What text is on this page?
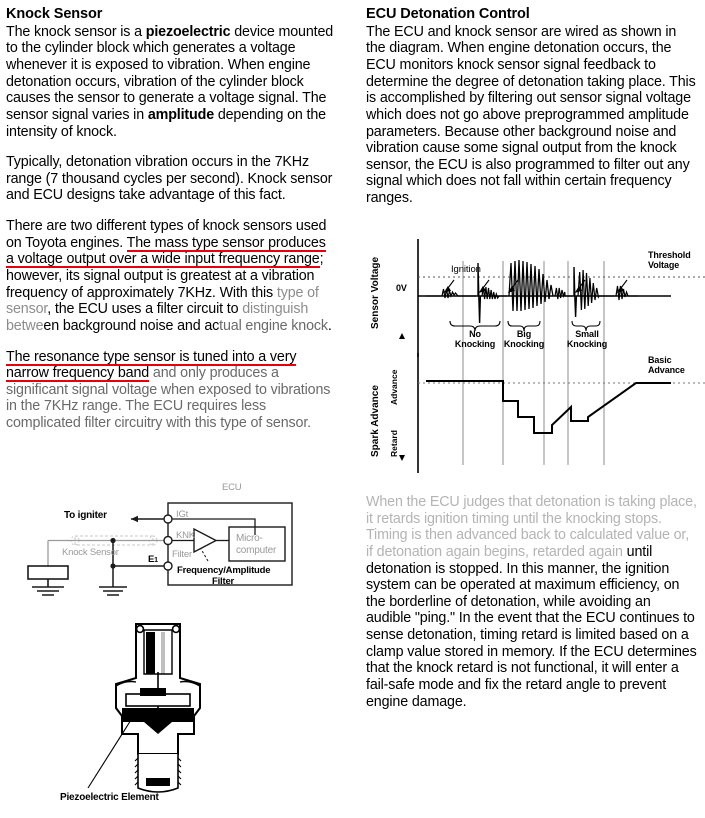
Knock Sensor

The knock sensor is a piezoelectric device mounted to the cylinder block which generates a voltage whenever it is exposed to vibration. When engine detonation occurs, vibration of the cylinder block causes the sensor to generate a voltage signal. The sensor signal varies in amplitude depending on the intensity of knock.

Typically, detonation vibration occurs in the 7KHz range (7 thousand cycles per second). Knock sensor and ECU designs take advantage of this fact.

There are two different types of knock sensors used on Toyota engines. The mass type sensor produces a voltage output over a wide input frequency range; however, its signal output is greatest at a vibration frequency of approximately 7KHz. With this type of sensor, the ECU uses a filter circuit to distinguish between background noise and actual engine knock.

The resonance type sensor is tuned into a very narrow frequency band and only produces a significant signal voltage when exposed to vibrations in the 7KHz range. The ECU requires less complicated filter circuitry with this type of sensor.

ECU
To igniter	IGt
KNK
E1
Knock Sensor
Micro-
computer
Filter
Frequency/Amplitude
Filter
Piezoelectric Element
ECU Detonation Control

The ECU and knock sensor are wired as shown in the diagram. When engine detonation occurs, the ECU monitors knock sensor signal feedback to determine the degree of detonation taking place. This is accomplished by filtering out sensor signal voltage which does not go above preprogrammed amplitude parameters. Because other background noise and vibration cause some signal output from the knock sensor, the ECU is also programmed to filter out any signal which does not fall within certain frequency ranges.

Sensor Voltage
Spark Advance Advance
Retard
0V
Ignition
Threshold
Voltage
Basic
Advance
No
Knocking
Big
Knocking
Small
Knocking

When the ECU judges that detonation is taking place, it retards ignition timing until the knocking stops. Timing is then advanced back to calculated value or, if detonation again begins, retarded again until detonation is stopped. In this manner, the ignition system can be operated at maximum efficiency, on the borderline of detonation, while avoiding an audible "ping." In the event that the ECU continues to sense detonation, timing retard is limited based on a clamp value stored in memory. If the ECU determines that the knock retard is not functional, it will enter a fail-safe mode and fix the retard angle to prevent engine damage.
